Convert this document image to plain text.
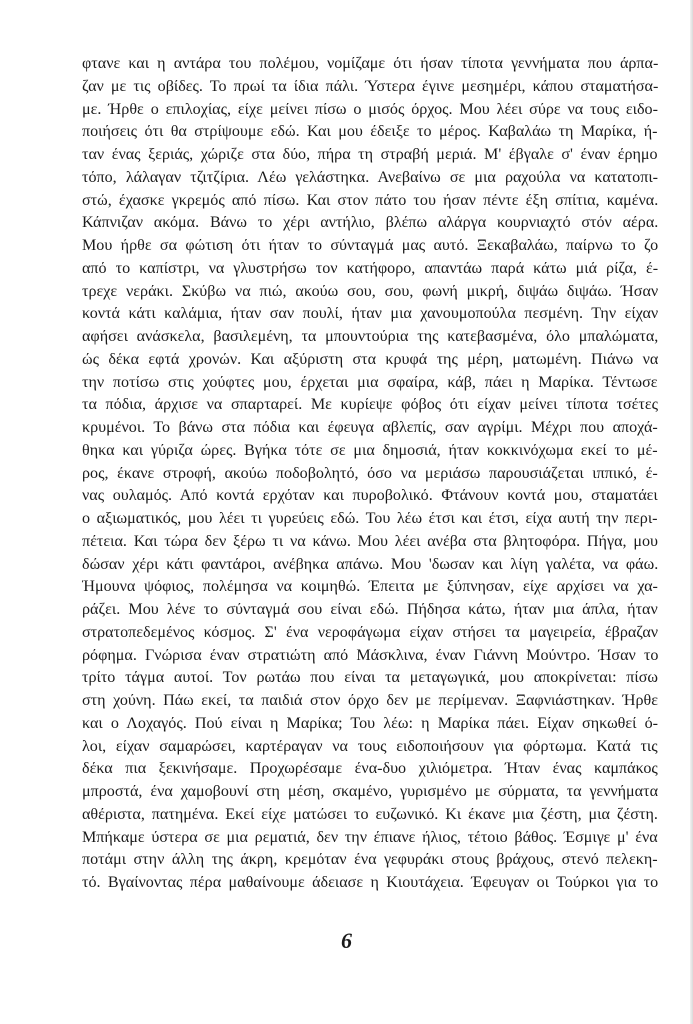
φτανε και η αντάρα του πολέμου, νομίζαμε ότι ήσαν τίποτα γεννήματα που άρπα-
ζαν με τις οβίδες. Το πρωί τα ίδια πάλι. Ύστερα έγινε μεσημέρι, κάπου σταματήσα-
με. Ήρθε ο επιλοχίας, είχε μείνει πίσω ο μισός όρχος. Μου λέει σύρε να τους ειδο-
ποιήσεις ότι θα στρίψουμε εδώ. Και μου έδειξε το μέρος. Καβαλάω τη Μαρίκα, ή-
ταν ένας ξεριάς, χώριζε στα δύο, πήρα τη στραβή μεριά. Μ' έβγαλε σ' έναν έρημο
τόπο, λάλαγαν τζιτζίρια. Λέω γελάστηκα. Ανεβαίνω σε μια ραχούλα να κατατοπι-
στώ, έχασκε γκρεμός από πίσω. Και στον πάτο του ήσαν πέντε έξη σπίτια, καμένα.
Κάπνιζαν ακόμα. Βάνω το χέρι αντήλιο, βλέπω αλάργα κουρνιαχτό στόν αέρα.
Μου ήρθε σα φώτιση ότι ήταν το σύνταγμά μας αυτό. Ξεκαβαλάω, παίρνω το ζο
από το καπίστρι, να γλυστρήσω τον κατήφορο, απαντάω παρά κάτω μιά ρίζα, έ-
τρεχε νεράκι. Σκύβω να πιώ, ακούω σου, σου, φωνή μικρή, διψάω διψάω. Ήσαν
κοντά κάτι καλάμια, ήταν σαν πουλί, ήταν μια χανουμοπούλα πεσμένη. Την είχαν
αφήσει ανάσκελα, βασιλεμένη, τα μπουντούρια της κατεβασμένα, όλο μπαλώματα,
ώς δέκα εφτά χρονών. Και αξύριστη στα κρυφά της μέρη, ματωμένη. Πιάνω να
την ποτίσω στις χούφτες μου, έρχεται μια σφαίρα, κάβ, πάει η Μαρίκα. Τέντωσε
τα πόδια, άρχισε να σπαρταρεί. Με κυρίεψε φόβος ότι είχαν μείνει τίποτα τσέτες
κρυμένοι. Το βάνω στα πόδια και έφευγα αβλεπίς, σαν αγρίμι. Μέχρι που αποχά-
θηκα και γύριζα ώρες. Βγήκα τότε σε μια δημοσιά, ήταν κοκκινόχωμα εκεί το μέ-
ρος, έκανε στροφή, ακούω ποδοβολητό, όσο να μεριάσω παρουσιάζεται ιππικό, έ-
νας ουλαμός. Από κοντά ερχόταν και πυροβολικό. Φτάνουν κοντά μου, σταματάει
ο αξιωματικός, μου λέει τι γυρεύεις εδώ. Του λέω έτσι και έτσι, είχα αυτή την περι-
πέτεια. Και τώρα δεν ξέρω τι να κάνω. Μου λέει ανέβα στα βλητοφόρα. Πήγα, μου
δώσαν χέρι κάτι φαντάροι, ανέβηκα απάνω. Μου 'δωσαν και λίγη γαλέτα, να φάω.
Ήμουνα ψόφιος, πολέμησα να κοιμηθώ. Έπειτα με ξύπνησαν, είχε αρχίσει να χα-
ράζει. Μου λένε το σύνταγμά σου είναι εδώ. Πήδησα κάτω, ήταν μια άπλα, ήταν
στρατοπεδεμένος κόσμος. Σ' ένα νεροφάγωμα είχαν στήσει τα μαγειρεία, έβραζαν
ρόφημα. Γνώρισα έναν στρατιώτη από Μάσκλινα, έναν Γιάννη Μούντρο. Ήσαν το
τρίτο τάγμα αυτοί. Τον ρωτάω που είναι τα μεταγωγικά, μου αποκρίνεται: πίσω
στη χούνη. Πάω εκεί, τα παιδιά στον όρχο δεν με περίμεναν. Ξαφνιάστηκαν. Ήρθε
και ο Λοχαγός. Πού είναι η Μαρίκα; Του λέω: η Μαρίκα πάει. Είχαν σηκωθεί ό-
λοι, είχαν σαμαρώσει, καρτέραγαν να τους ειδοποιήσουν για φόρτωμα. Κατά τις
δέκα πια ξεκινήσαμε. Προχωρέσαμε ένα-δυο χιλιόμετρα. Ήταν ένας καμπάκος
μπροστά, ένα χαμοβουνί στη μέση, σκαμένο, γυρισμένο με σύρματα, τα γεννήματα
αθέριστα, πατημένα. Εκεί είχε ματώσει το ευζωνικό. Κι έκανε μια ζέστη, μια ζέστη.
Μπήκαμε ύστερα σε μια ρεματιά, δεν την έπιανε ήλιος, τέτοιο βάθος. Έσμιγε μ' ένα
ποτάμι στην άλλη της άκρη, κρεμόταν ένα γεφυράκι στους βράχους, στενό πελεκη-
τό. Βγαίνοντας πέρα μαθαίνουμε άδειασε η Κιουτάχεια. Έφευγαν οι Τούρκοι για το
6
